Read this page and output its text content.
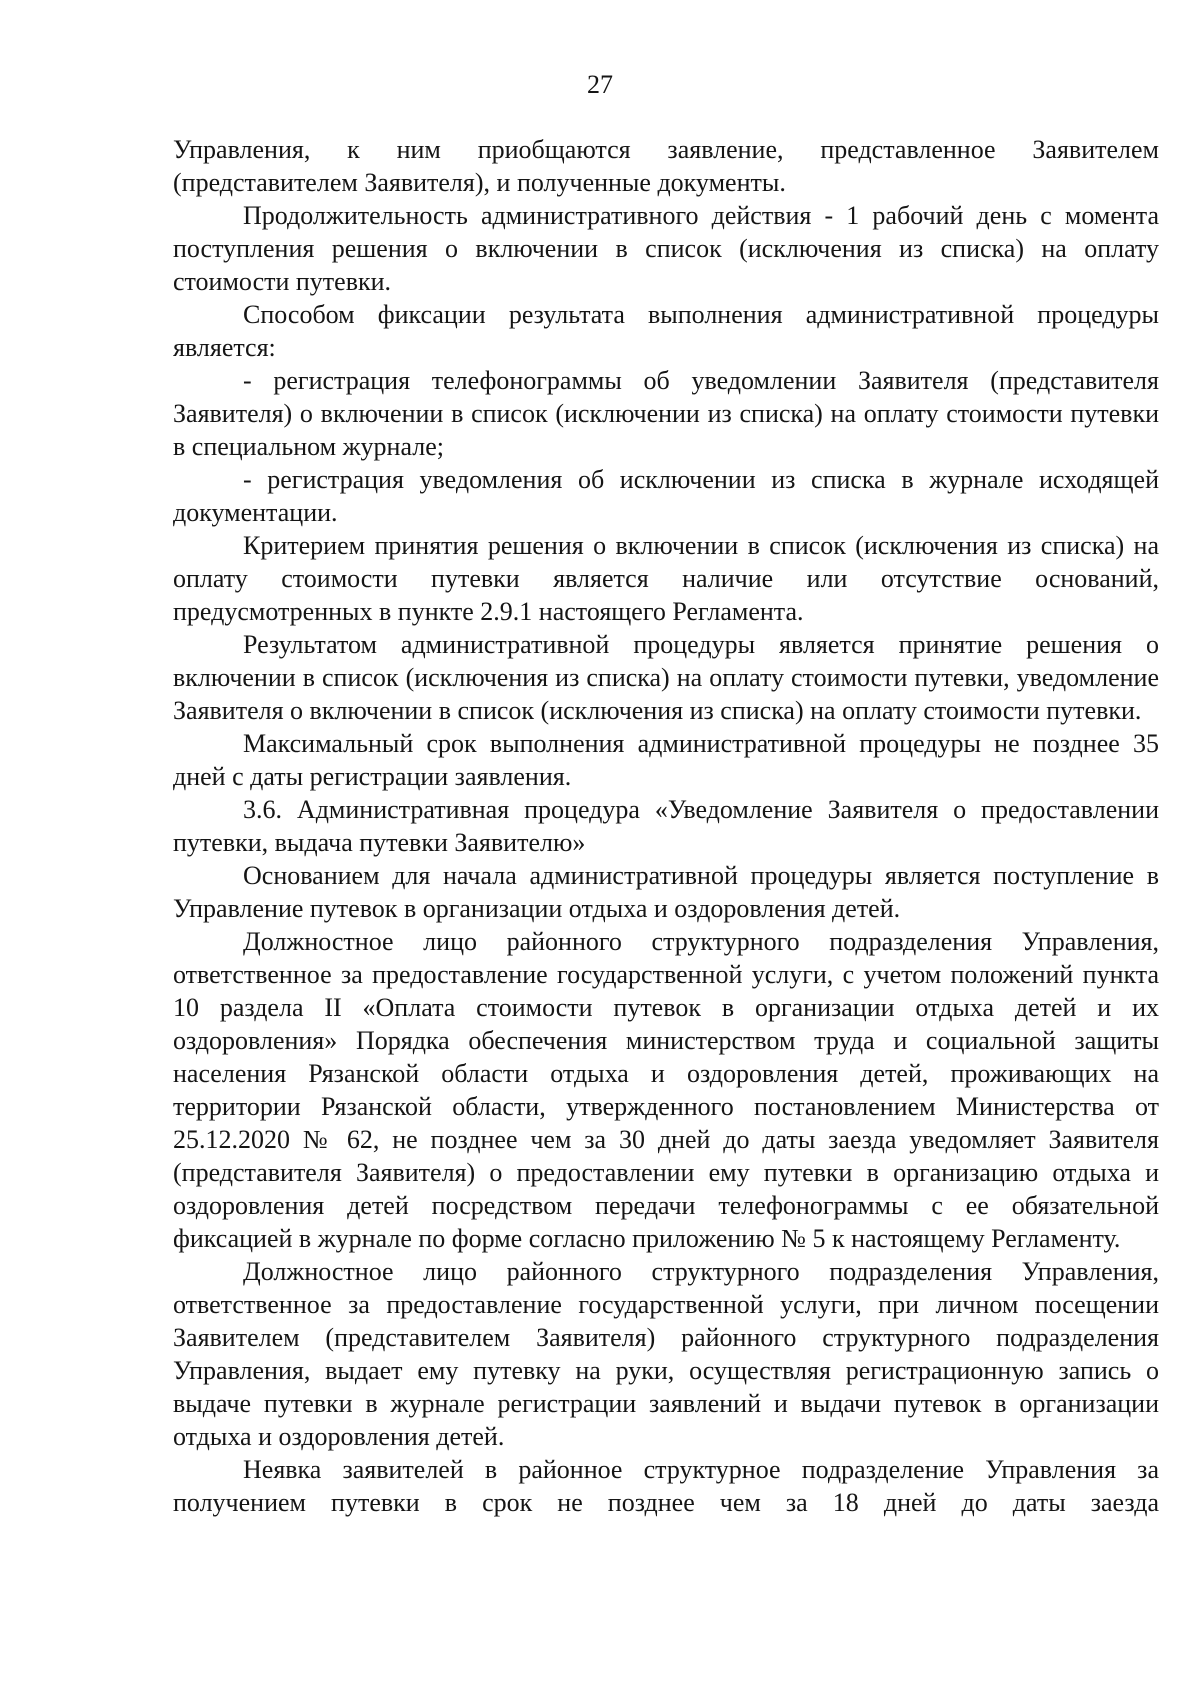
27

Управления, к ним приобщаются заявление, представленное Заявителем (представителем Заявителя), и полученные документы.

Продолжительность административного действия - 1 рабочий день с момента поступления решения о включении в список (исключения из списка) на оплату стоимости путевки.

Способом фиксации результата выполнения административной процедуры является:

- регистрация телефонограммы об уведомлении Заявителя (представителя Заявителя) о включении в список (исключении из списка) на оплату стоимости путевки в специальном журнале;

- регистрация уведомления об исключении из списка в журнале исходящей документации.

Критерием принятия решения о включении в список (исключения из списка) на оплату стоимости путевки является наличие или отсутствие оснований, предусмотренных в пункте 2.9.1 настоящего Регламента.

Результатом административной процедуры является принятие решения о включении в список (исключения из списка) на оплату стоимости путевки, уведомление Заявителя о включении в список (исключения из списка) на оплату стоимости путевки.

Максимальный срок выполнения административной процедуры не позднее 35 дней с даты регистрации заявления.

3.6. Административная процедура «Уведомление Заявителя о предоставлении путевки, выдача путевки Заявителю»

Основанием для начала административной процедуры является поступление в Управление путевок в организации отдыха и оздоровления детей.

Должностное лицо районного структурного подразделения Управления, ответственное за предоставление государственной услуги, с учетом положений пункта 10 раздела II «Оплата стоимости путевок в организации отдыха детей и их оздоровления» Порядка обеспечения министерством труда и социальной защиты населения Рязанской области отдыха и оздоровления детей, проживающих на территории Рязанской области, утвержденного постановлением Министерства от 25.12.2020 № 62, не позднее чем за 30 дней до даты заезда уведомляет Заявителя (представителя Заявителя) о предоставлении ему путевки в организацию отдыха и оздоровления детей посредством передачи телефонограммы с ее обязательной фиксацией в журнале по форме согласно приложению № 5 к настоящему Регламенту.

Должностное лицо районного структурного подразделения Управления, ответственное за предоставление государственной услуги, при личном посещении Заявителем (представителем Заявителя) районного структурного подразделения Управления, выдает ему путевку на руки, осуществляя регистрационную запись о выдаче путевки в журнале регистрации заявлений и выдачи путевок в организации отдыха и оздоровления детей.

Неявка заявителей в районное структурное подразделение Управления за получением путевки в срок не позднее чем за 18 дней до даты заезда
